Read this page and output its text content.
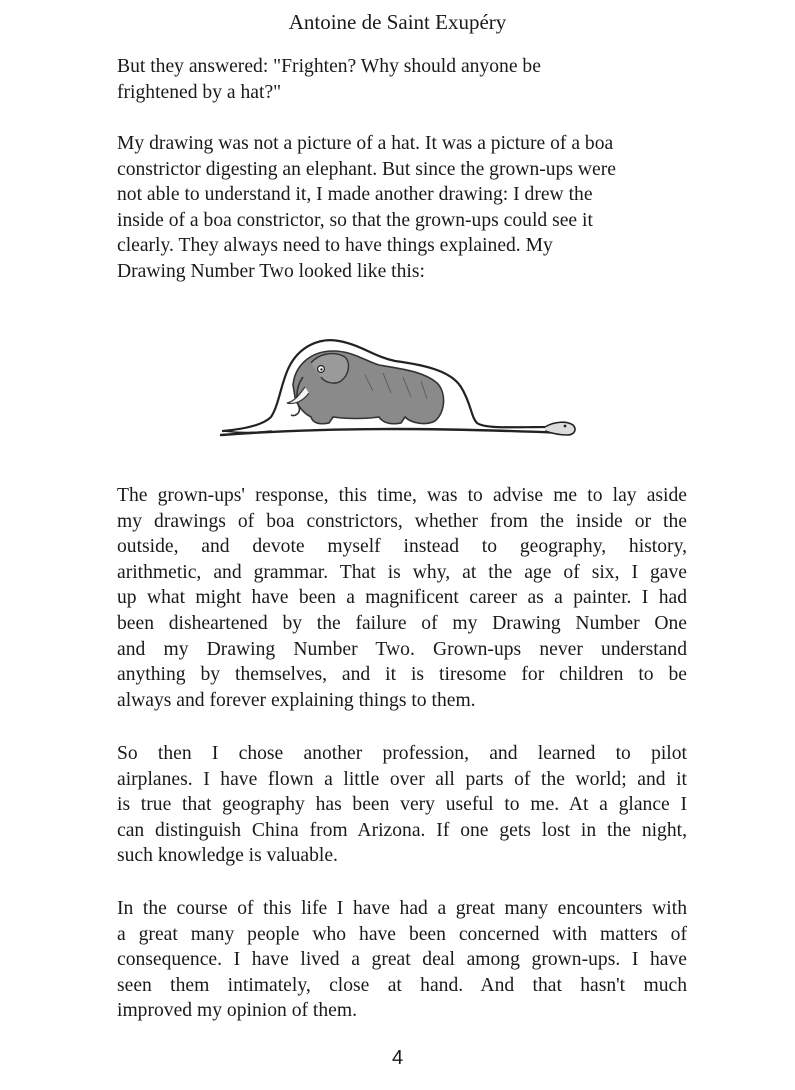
Antoine de Saint Exupéry
But they answered: "Frighten? Why should anyone be
frightened by a hat?"
My drawing was not a picture of a hat. It was a picture of a boa
constrictor digesting an elephant. But since the grown-ups were
not able to understand it, I made another drawing: I drew the
inside of a boa constrictor, so that the grown-ups could see it
clearly. They always need to have things explained. My
Drawing Number Two looked like this:
The grown-ups' response, this time, was to advise me to lay aside
my drawings of boa constrictors, whether from the inside or the
outside, and devote myself instead to geography, history,
arithmetic, and grammar. That is why, at the age of six, I gave
up what might have been a magnificent career as a painter. I had
been disheartened by the failure of my Drawing Number One
and my Drawing Number Two. Grown-ups never understand
anything by themselves, and it is tiresome for children to be
always and forever explaining things to them.
So then I chose another profession, and learned to pilot
airplanes. I have flown a little over all parts of the world; and it
is true that geography has been very useful to me. At a glance I
can distinguish China from Arizona. If one gets lost in the night,
such knowledge is valuable.
In the course of this life I have had a great many encounters with
a great many people who have been concerned with matters of
consequence. I have lived a great deal among grown-ups. I have
seen them intimately, close at hand. And that hasn't much
improved my opinion of them.
4
